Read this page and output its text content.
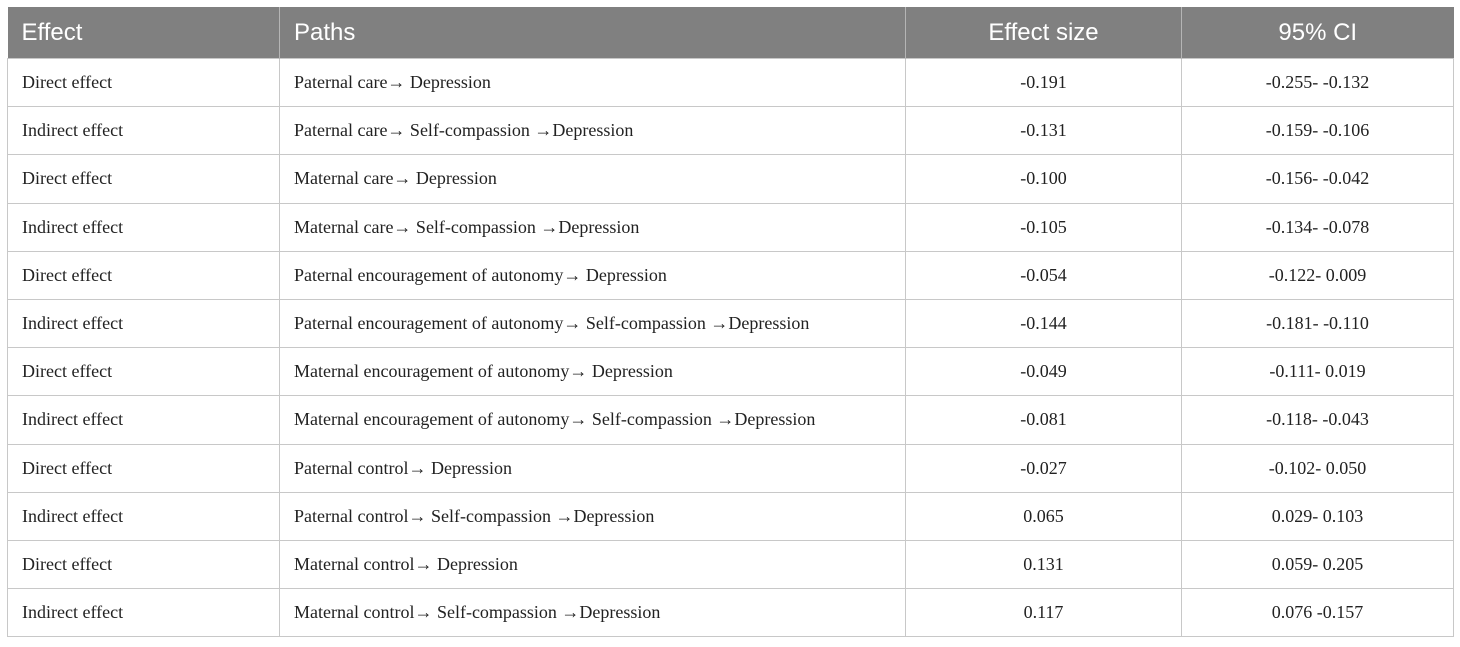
Effect	Paths	Effect size	95% CI
Direct effect	Paternal care→ Depression	-0.191	-0.255- -0.132
Indirect effect	Paternal care→ Self-compassion →Depression	-0.131	-0.159- -0.106
Direct effect	Maternal care→ Depression	-0.100	-0.156- -0.042
Indirect effect	Maternal care→ Self-compassion →Depression	-0.105	-0.134- -0.078
Direct effect	Paternal encouragement of autonomy→ Depression	-0.054	-0.122- 0.009
Indirect effect	Paternal encouragement of autonomy→ Self-compassion →Depression	-0.144	-0.181- -0.110
Direct effect	Maternal encouragement of autonomy→ Depression	-0.049	-0.111- 0.019
Indirect effect	Maternal encouragement of autonomy→ Self-compassion →Depression	-0.081	-0.118- -0.043
Direct effect	Paternal control→ Depression	-0.027	-0.102- 0.050
Indirect effect	Paternal control→ Self-compassion →Depression	0.065	0.029- 0.103
Direct effect	Maternal control→ Depression	0.131	0.059- 0.205
Indirect effect	Maternal control→ Self-compassion →Depression	0.117	0.076 -0.157
